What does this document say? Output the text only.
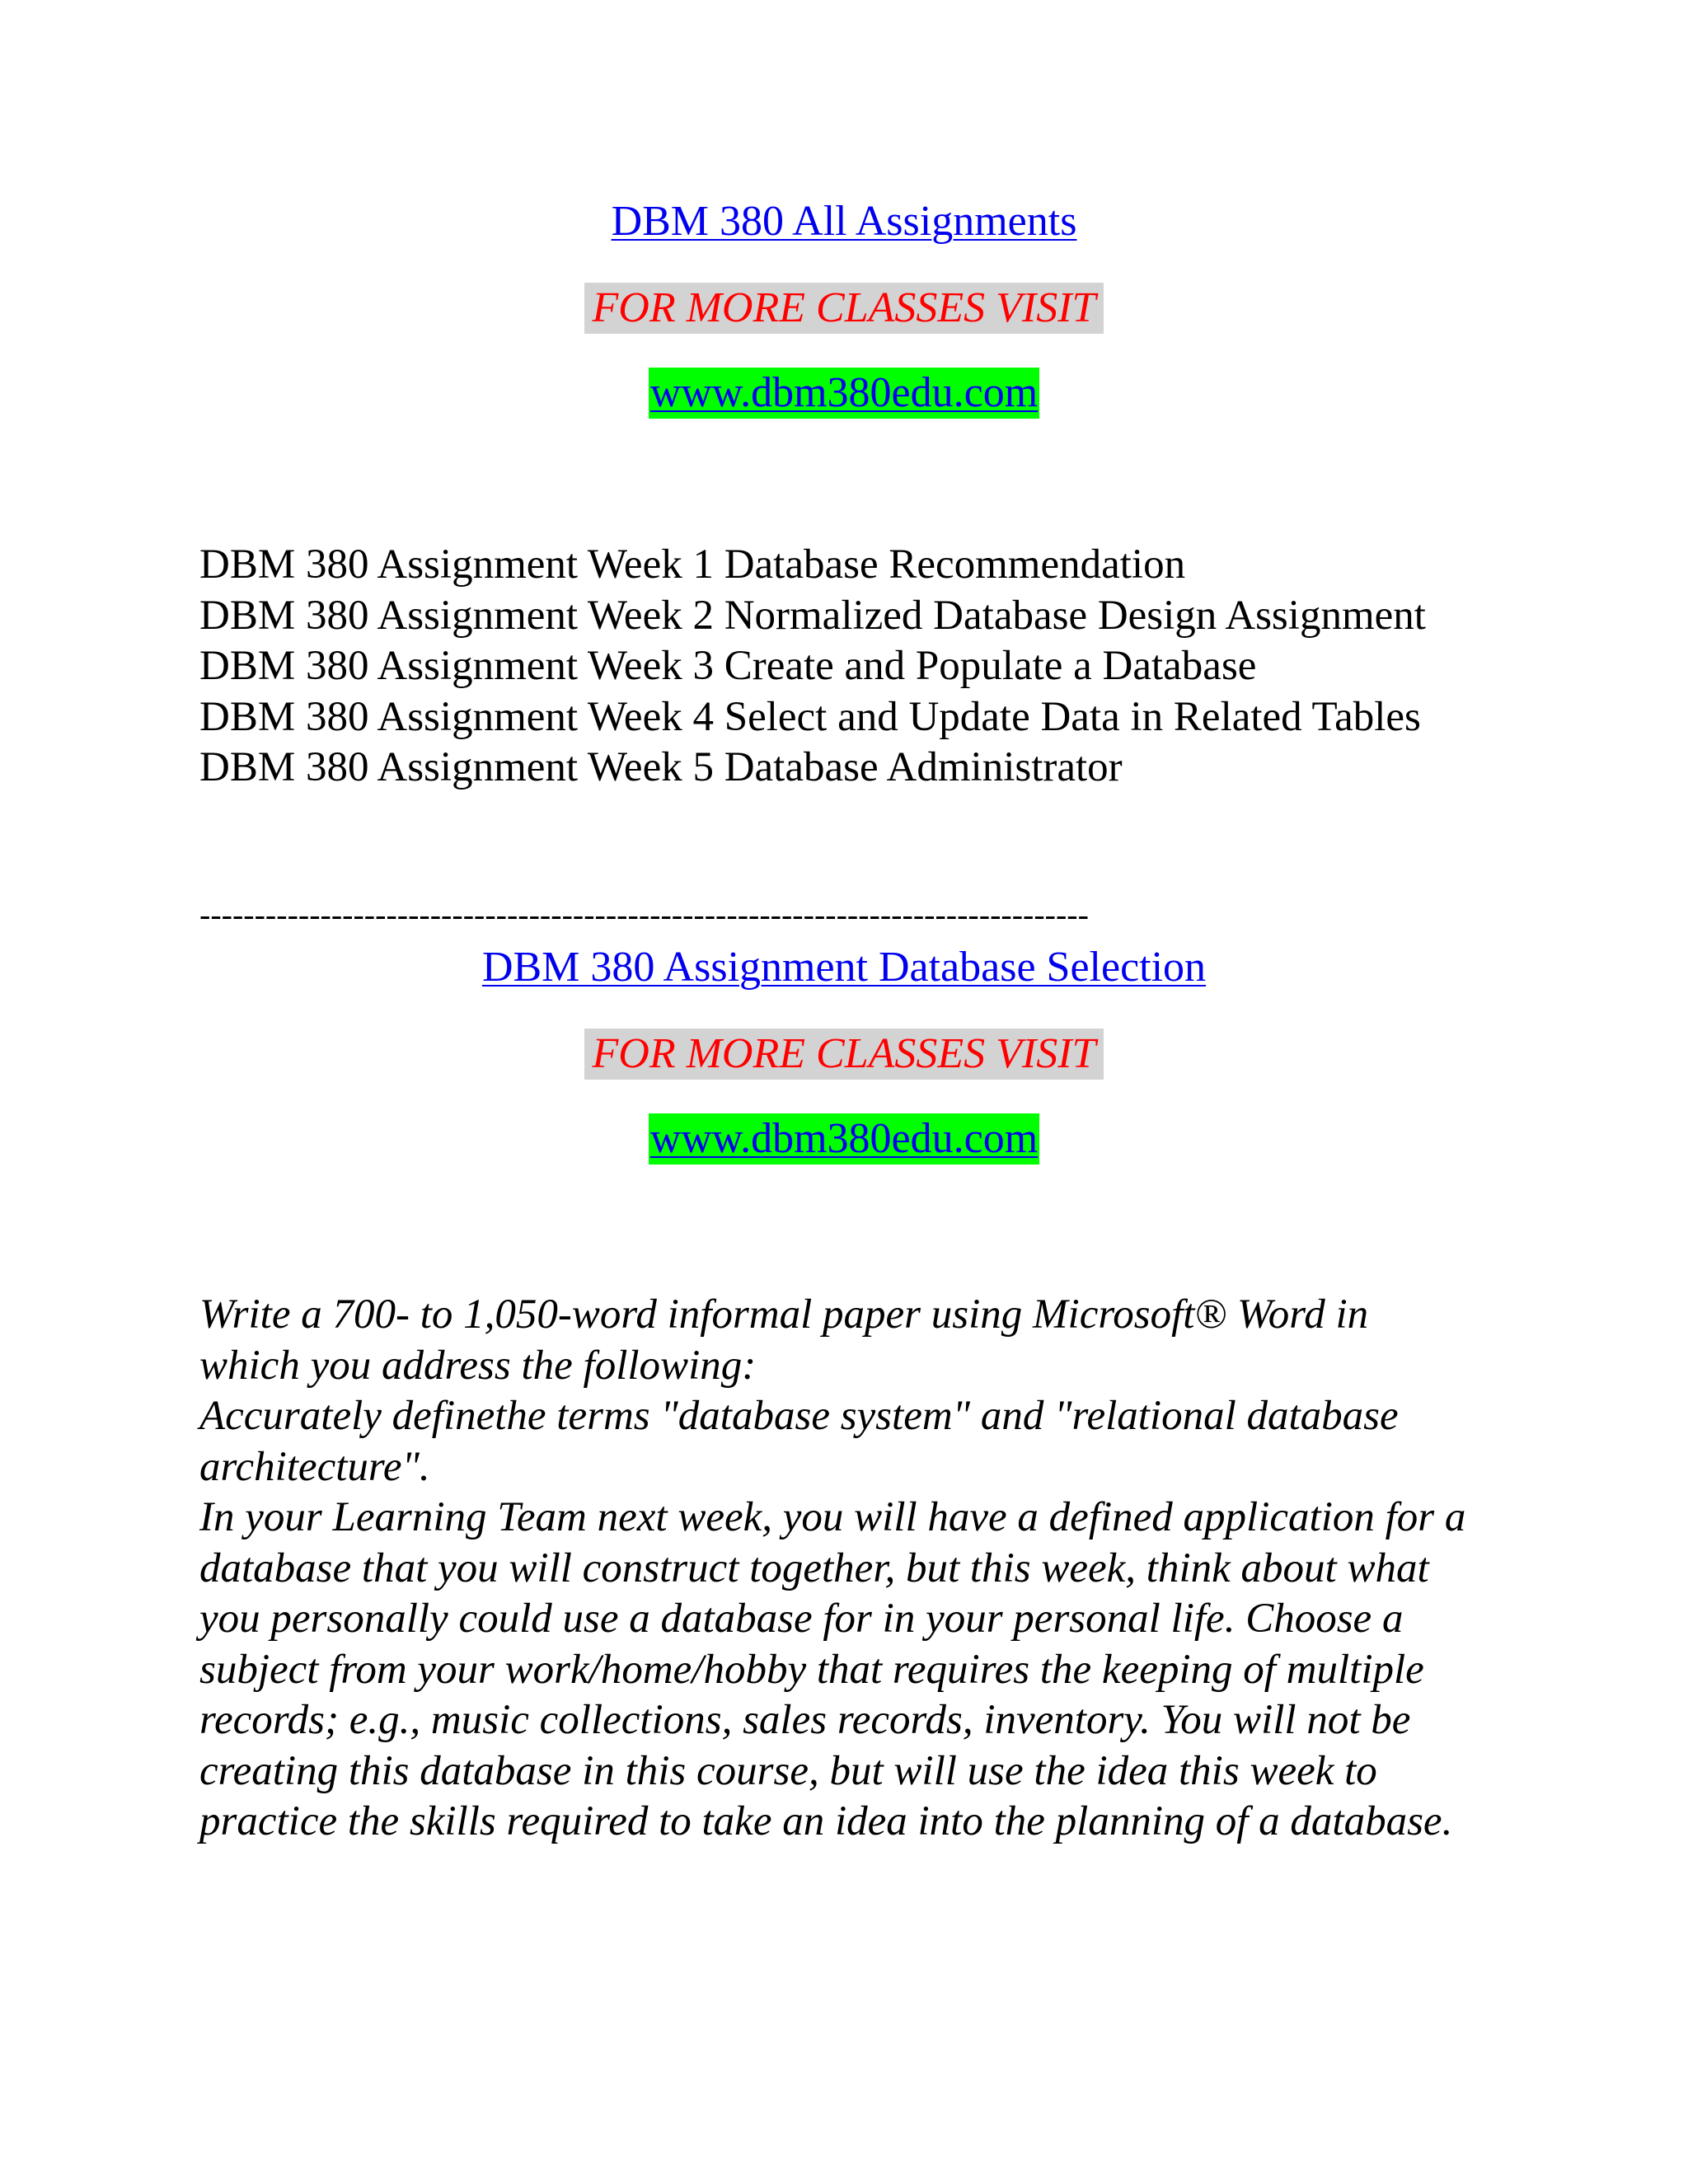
DBM 380 All Assignments
FOR MORE CLASSES VISIT
www.dbm380edu.com

DBM 380 Assignment Week 1 Database Recommendation

DBM 380 Assignment Week 2 Normalized Database Design Assignment

DBM 380 Assignment Week 3 Create and Populate a Database

DBM 380 Assignment Week 4 Select and Update Data in Related Tables

DBM 380 Assignment Week 5 Database Administrator

---------------------------------------------------------------------------------
DBM 380 Assignment Database Selection
FOR MORE CLASSES VISIT
www.dbm380edu.com

Write a 700- to 1,050-word informal paper using Microsoft® Word in which you address the following:

Accurately definethe terms "database system" and "relational database architecture".

In your Learning Team next week, you will have a defined application for a database that you will construct together, but this week, think about what you personally could use a database for in your personal life. Choose a subject from your work/home/hobby that requires the keeping of multiple records; e.g., music collections, sales records, inventory. You will not be creating this database in this course, but will use the idea this week to practice the skills required to take an idea into the planning of a database.
